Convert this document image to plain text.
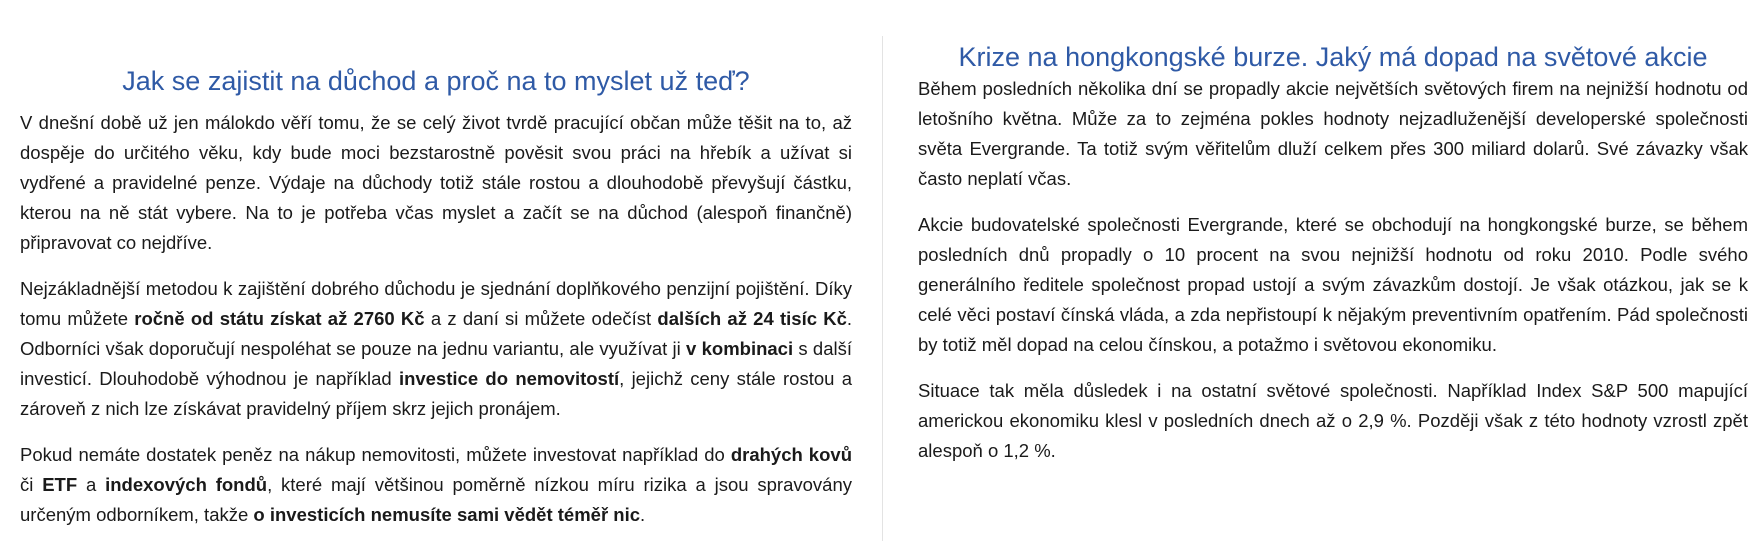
Jak se zajistit na důchod a proč na to myslet už teď?

V dnešní době už jen málokdo věří tomu, že se celý život tvrdě pracující občan může těšit na to, až dospěje do určitého věku, kdy bude moci bezstarostně pověsit svou práci na hřebík a užívat si vydřené a pravidelné penze. Výdaje na důchody totiž stále rostou a dlouhodobě převyšují částku, kterou na ně stát vybere. Na to je potřeba včas myslet a začít se na důchod (alespoň finančně) připravovat co nejdříve.

Nejzákladnější metodou k zajištění dobrého důchodu je sjednání doplňkového penzijní pojištění. Díky tomu můžete ročně od státu získat až 2760 Kč a z daní si můžete odečíst dalších až 24 tisíc Kč. Odborníci však doporučují nespoléhat se pouze na jednu variantu, ale využívat ji v kombinaci s další investicí. Dlouhodobě výhodnou je například investice do nemovitostí, jejichž ceny stále rostou a zároveň z nich lze získávat pravidelný příjem skrz jejich pronájem.

Pokud nemáte dostatek peněz na nákup nemovitosti, můžete investovat například do drahých kovů či ETF a indexových fondů, které mají většinou poměrně nízkou míru rizika a jsou spravovány určeným odborníkem, takže o investicích nemusíte sami vědět téměř nic.

Krize na hongkongské burze. Jaký má dopad na světové akcie

Během posledních několika dní se propadly akcie největších světových firem na nejnižší hodnotu od letošního května. Může za to zejména pokles hodnoty nejzadluženější developerské společnosti světa Evergrande. Ta totiž svým věřitelům dluží celkem přes 300 miliard dolarů. Své závazky však často neplatí včas.

Akcie budovatelské společnosti Evergrande, které se obchodují na hongkongské burze, se během posledních dnů propadly o 10 procent na svou nejnižší hodnotu od roku 2010. Podle svého generálního ředitele společnost propad ustojí a svým závazkům dostojí. Je však otázkou, jak se k celé věci postaví čínská vláda, a zda nepřistoupí k nějakým preventivním opatřením. Pád společnosti by totiž měl dopad na celou čínskou, a potažmo i světovou ekonomiku.

Situace tak měla důsledek i na ostatní světové společnosti. Například Index S&P 500 mapující americkou ekonomiku klesl v posledních dnech až o 2,9 %. Později však z této hodnoty vzrostl zpět alespoň o 1,2 %.
